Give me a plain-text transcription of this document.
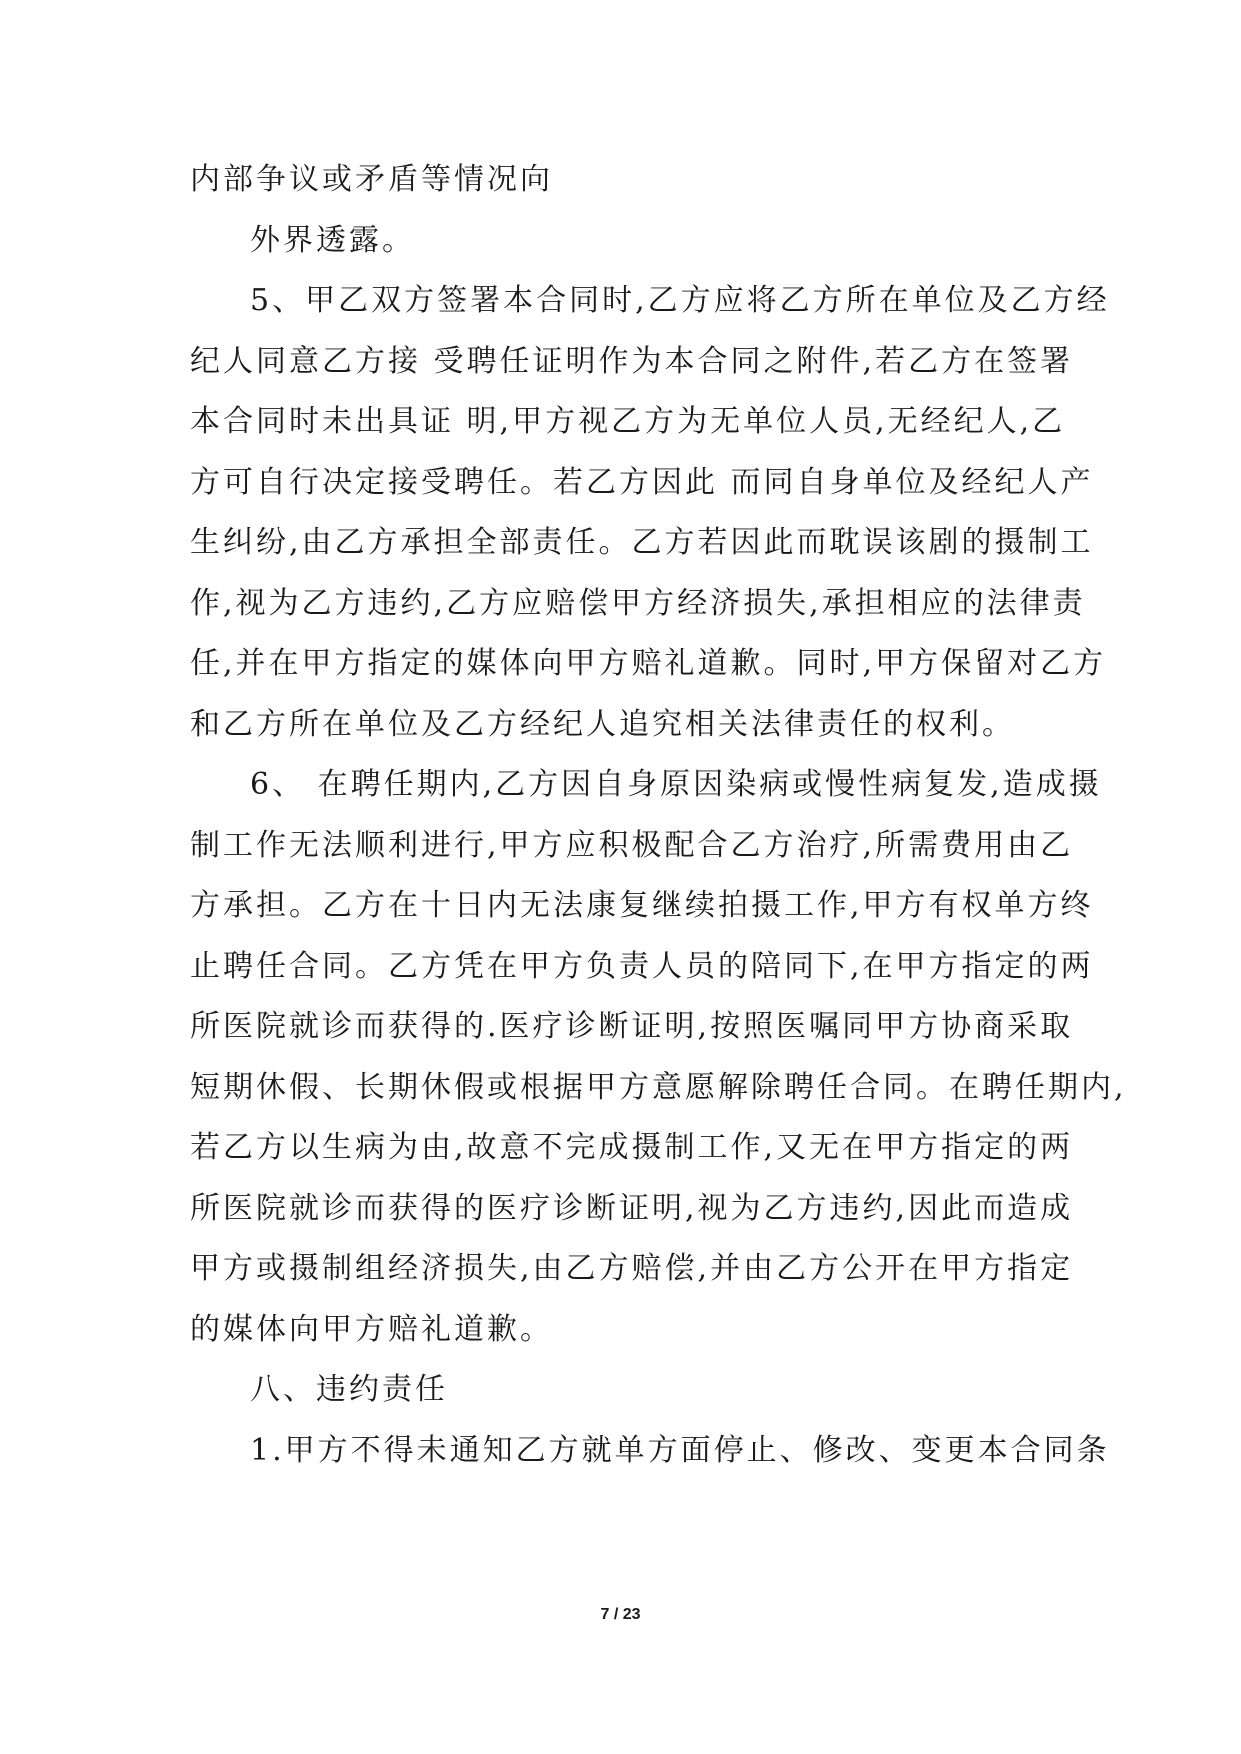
内部争议或矛盾等情况向
外界透露。
5、甲乙双方签署本合同时,乙方应将乙方所在单位及乙方经
纪人同意乙方接 受聘任证明作为本合同之附件,若乙方在签署
本合同时未出具证 明,甲方视乙方为无单位人员,无经纪人,乙
方可自行决定接受聘任。若乙方因此 而同自身单位及经纪人产
生纠纷,由乙方承担全部责任。乙方若因此而耽误该剧的摄制工
作,视为乙方违约,乙方应赔偿甲方经济损失,承担相应的法律责
任,并在甲方指定的媒体向甲方赔礼道歉。同时,甲方保留对乙方
和乙方所在单位及乙方经纪人追究相关法律责任的权利。
6、 在聘任期内,乙方因自身原因染病或慢性病复发,造成摄
制工作无法顺利进行,甲方应积极配合乙方治疗,所需费用由乙
方承担。乙方在十日内无法康复继续拍摄工作,甲方有权单方终
止聘任合同。乙方凭在甲方负责人员的陪同下,在甲方指定的两
所医院就诊而获得的.医疗诊断证明,按照医嘱同甲方协商采取
短期休假、长期休假或根据甲方意愿解除聘任合同。在聘任期内,
若乙方以生病为由,故意不完成摄制工作,又无在甲方指定的两
所医院就诊而获得的医疗诊断证明,视为乙方违约,因此而造成
甲方或摄制组经济损失,由乙方赔偿,并由乙方公开在甲方指定
的媒体向甲方赔礼道歉。
八、违约责任
1.甲方不得未通知乙方就单方面停止、修改、变更本合同条
7 / 23
